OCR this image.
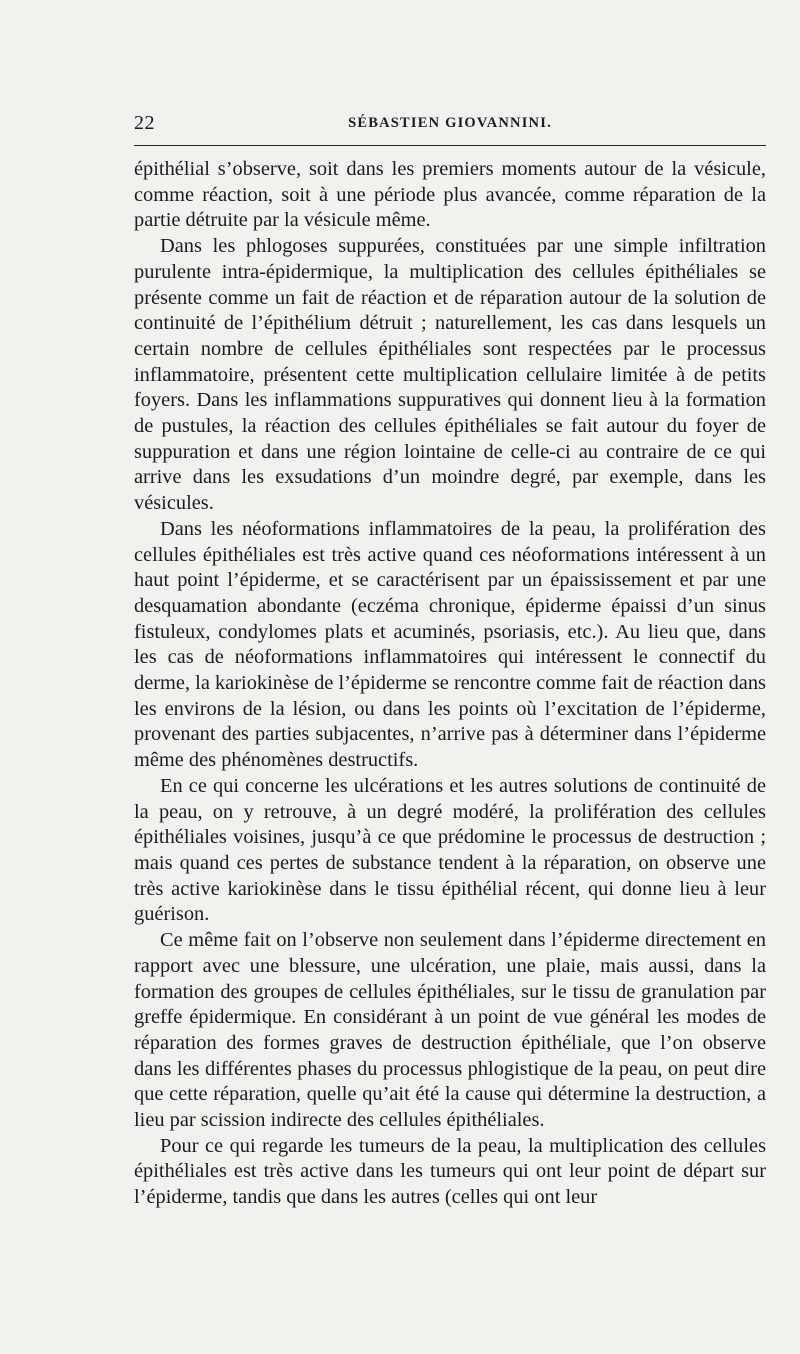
22	SÉBASTIEN GIOVANNINI.

épithélial s’observe, soit dans les premiers moments autour de la vésicule, comme réaction, soit à une période plus avancée, comme réparation de la partie détruite par la vésicule même.

Dans les phlogoses suppurées, constituées par une simple infiltration purulente intra-épidermique, la multiplication des cellules épithéliales se présente comme un fait de réaction et de réparation autour de la solution de continuité de l’épithélium détruit ; naturellement, les cas dans lesquels un certain nombre de cellules épithéliales sont respectées par le processus inflammatoire, présentent cette multiplication cellulaire limitée à de petits foyers. Dans les inflammations suppuratives qui donnent lieu à la formation de pustules, la réaction des cellules épithéliales se fait autour du foyer de suppuration et dans une région lointaine de celle-ci au contraire de ce qui arrive dans les exsudations d’un moindre degré, par exemple, dans les vésicules.

Dans les néoformations inflammatoires de la peau, la prolifération des cellules épithéliales est très active quand ces néoformations intéressent à un haut point l’épiderme, et se caractérisent par un épaississement et par une desquamation abondante (eczéma chronique, épiderme épaissi d’un sinus fistuleux, condylomes plats et acuminés, psoriasis, etc.). Au lieu que, dans les cas de néoformations inflammatoires qui intéressent le connectif du derme, la kariokinèse de l’épiderme se rencontre comme fait de réaction dans les environs de la lésion, ou dans les points où l’excitation de l’épiderme, provenant des parties subjacentes, n’arrive pas à déterminer dans l’épiderme même des phénomènes destructifs.

En ce qui concerne les ulcérations et les autres solutions de continuité de la peau, on y retrouve, à un degré modéré, la prolifération des cellules épithéliales voisines, jusqu’à ce que prédomine le processus de destruction ; mais quand ces pertes de substance tendent à la réparation, on observe une très active kariokinèse dans le tissu épithélial récent, qui donne lieu à leur guérison.

Ce même fait on l’observe non seulement dans l’épiderme directement en rapport avec une blessure, une ulcération, une plaie, mais aussi, dans la formation des groupes de cellules épithéliales, sur le tissu de granulation par greffe épidermique. En considérant à un point de vue général les modes de réparation des formes graves de destruction épithéliale, que l’on observe dans les différentes phases du processus phlogistique de la peau, on peut dire que cette réparation, quelle qu’ait été la cause qui détermine la destruction, a lieu par scission indirecte des cellules épithéliales.

Pour ce qui regarde les tumeurs de la peau, la multiplication des cellules épithéliales est très active dans les tumeurs qui ont leur point de départ sur l’épiderme, tandis que dans les autres (celles qui ont leur
